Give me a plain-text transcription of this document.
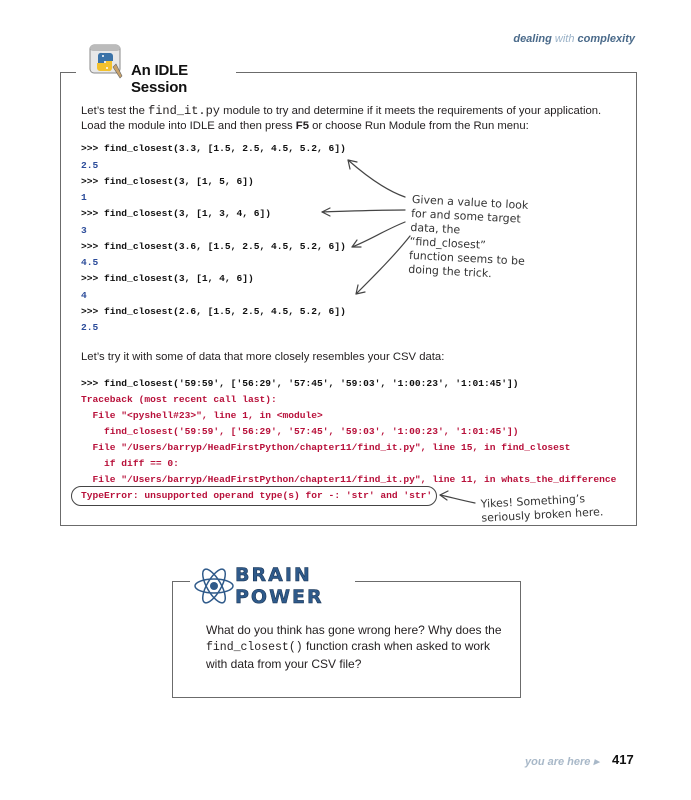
dealing with complexity
An IDLE Session
Let’s test the find_it.py module to try and determine if it meets the requirements of your application. Load the module into IDLE and then press F5 or choose Run Module from the Run menu:
>>> find_closest(3.3, [1.5, 2.5, 4.5, 5.2, 6])
2.5
>>> find_closest(3, [1, 5, 6])
1
>>> find_closest(3, [1, 3, 4, 6])
3
>>> find_closest(3.6, [1.5, 2.5, 4.5, 5.2, 6])
4.5
>>> find_closest(3, [1, 4, 6])
4
>>> find_closest(2.6, [1.5, 2.5, 4.5, 5.2, 6])
2.5
Given a value to look for and some target data, the “find_closest” function seems to be doing the trick.
Let’s try it with some of data that more closely resembles your CSV data:
>>> find_closest('59:59', ['56:29', '57:45', '59:03', '1:00:23', '1:01:45'])
Traceback (most recent call last):
File "<pyshell#23>", line 1, in <module>
find_closest('59:59', ['56:29', '57:45', '59:03', '1:00:23', '1:01:45'])
File "/Users/barryp/HeadFirstPython/chapter11/find_it.py", line 15, in find_closest
if diff == 0:
File "/Users/barryp/HeadFirstPython/chapter11/find_it.py", line 11, in whats_the_difference
TypeError: unsupported operand type(s) for -: 'str' and 'str'	Yikes! Something’s seriously broken here.
BRAIN
POWER
What do you think has gone wrong here? Why does the find_closest() function crash when asked to work with data from your CSV file?
you are here ▸ 417
